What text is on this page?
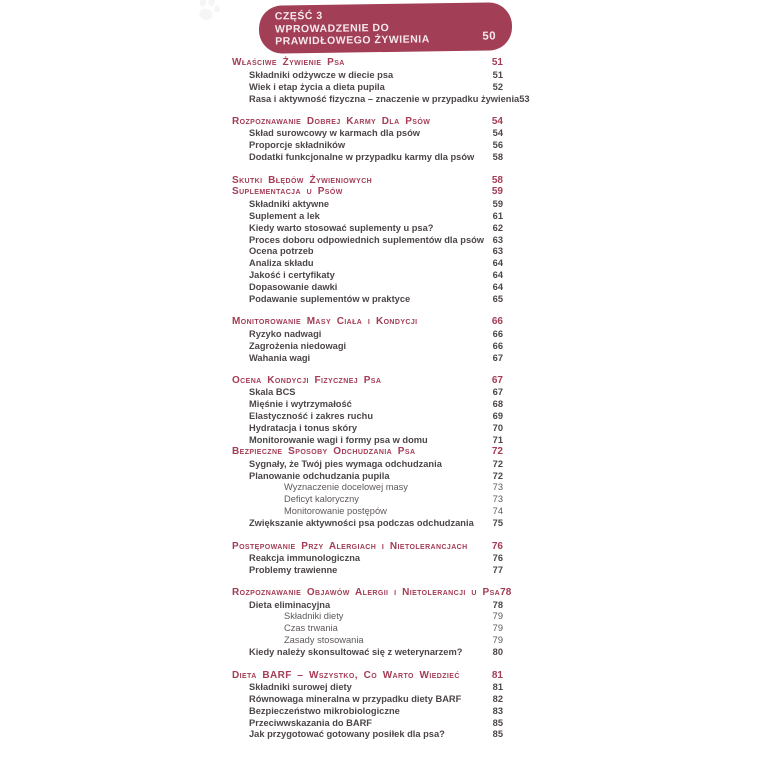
CZĘŚĆ 3
WPROWADZENIE DO
PRAWIDŁOWEGO ŻYWIENIA	50
Właściwe Żywienie Psa	51
Składniki odżywcze w diecie psa	51
Wiek i etap życia a dieta pupila	52
Rasa i aktywność fizyczna – znaczenie w przypadku żywienia 53
Rozpoznawanie Dobrej Karmy Dla Psów	54
Skład surowcowy w karmach dla psów	54
Proporcje składników	56
Dodatki funkcjonalne w przypadku karmy dla psów	58
Skutki Błędów Żywieniowych	58
Suplementacja u Psów	59
Składniki aktywne	59
Suplement a lek	61
Kiedy warto stosować suplementy u psa?	62
Proces doboru odpowiednich suplementów dla psów 63
Ocena potrzeb	63
Analiza składu	64
Jakość i certyfikaty	64
Dopasowanie dawki	64
Podawanie suplementów w praktyce	65
Monitorowanie Masy Ciała i Kondycji	66
Ryzyko nadwagi	66
Zagrożenia niedowagi	66
Wahania wagi	67
Ocena Kondycji Fizycznej Psa	67
Skala BCS	67
Mięśnie i wytrzymałość	68
Elastyczność i zakres ruchu	69
Hydratacja i tonus skóry	70
Monitorowanie wagi i formy psa w domu	71
Bezpieczne Sposoby Odchudzania Psa	72
Sygnały, że Twój pies wymaga odchudzania	72
Planowanie odchudzania pupila	72
Wyznaczenie docelowej masy	73
Deficyt kaloryczny	73
Monitorowanie postępów	74
Zwiększanie aktywności psa podczas odchudzania	75
Postępowanie Przy Alergiach i Nietolerancjach	76
Reakcja immunologiczna	76
Problemy trawienne	77
Rozpoznawanie Objawów Alergii i Nietolerancji u Psa 78
Dieta eliminacyjna	78
Składniki diety	79
Czas trwania	79
Zasady stosowania	79
Kiedy należy skonsultować się z weterynarzem?	80
Dieta BARF – Wszystko, Co Warto Wiedzieć	81
Składniki surowej diety	81
Równowaga mineralna w przypadku diety BARF	82
Bezpieczeństwo mikrobiologiczne	83
Przeciwwskazania do BARF	85
Jak przygotować gotowany posiłek dla psa?	85
